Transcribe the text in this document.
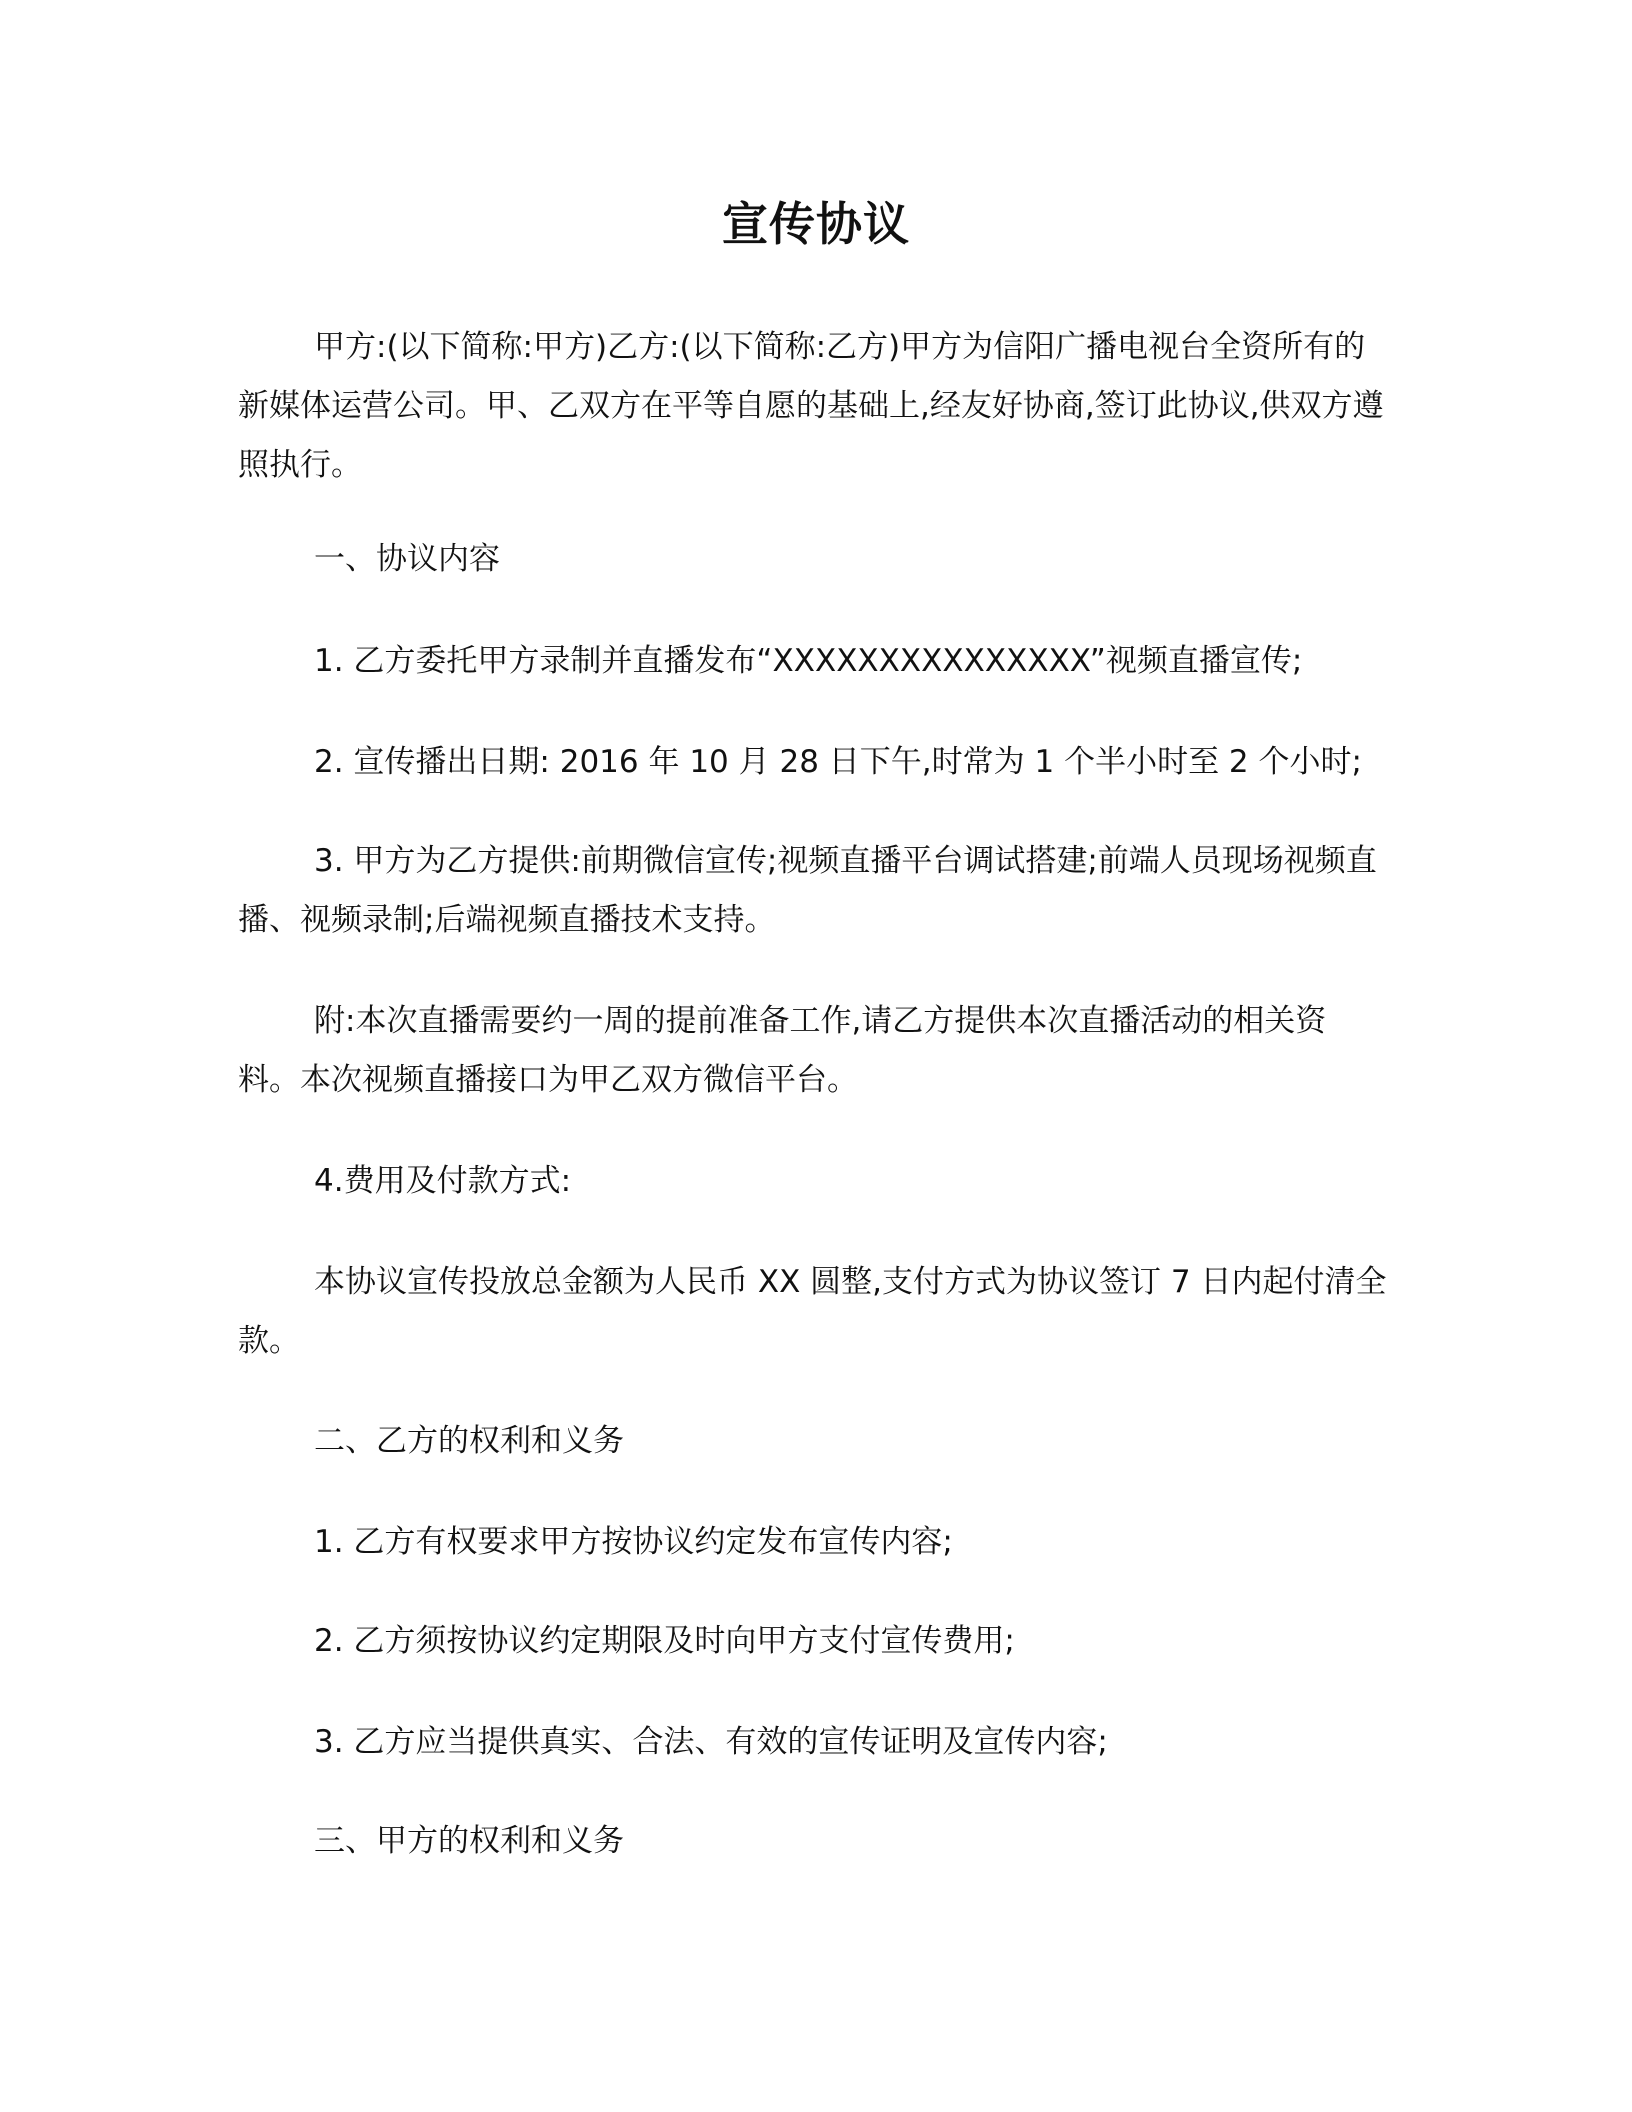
宣传协议

甲方:(以下简称:甲方)乙方:(以下简称:乙方)甲方为信阳广播电视台全资所有的新媒体运营公司。甲、乙双方在平等自愿的基础上,经友好协商,签订此协议,供双方遵照执行。

一、协议内容

1. 乙方委托甲方录制并直播发布“XXXXXXXXXXXXXXX”视频直播宣传;

2. 宣传播出日期: 2016 年 10 月 28 日下午,时常为 1 个半小时至 2 个小时;

3. 甲方为乙方提供:前期微信宣传;视频直播平台调试搭建;前端人员现场视频直播、视频录制;后端视频直播技术支持。

附:本次直播需要约一周的提前准备工作,请乙方提供本次直播活动的相关资料。本次视频直播接口为甲乙双方微信平台。

4.费用及付款方式:

本协议宣传投放总金额为人民币 XX 圆整,支付方式为协议签订 7 日内起付清全款。

二、乙方的权利和义务

1. 乙方有权要求甲方按协议约定发布宣传内容;

2. 乙方须按协议约定期限及时向甲方支付宣传费用;

3. 乙方应当提供真实、合法、有效的宣传证明及宣传内容;

三、甲方的权利和义务
